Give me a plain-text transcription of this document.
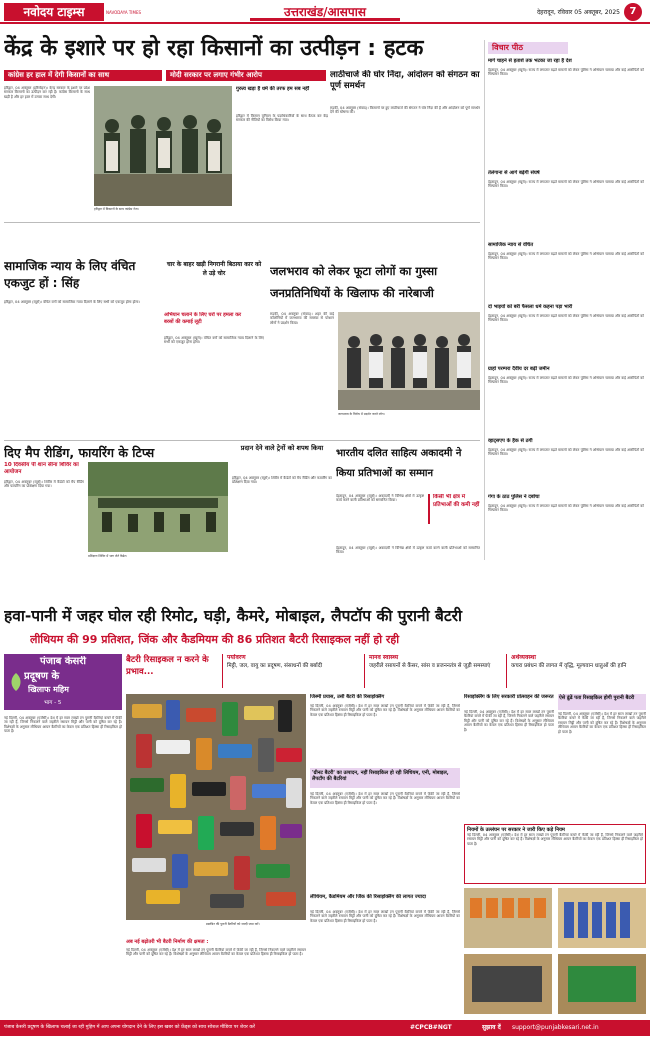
नवोदय टाइम्स	NAVODAYA TIMES	उत्तराखंड/आसपास	देहरादून, रविवार 05 अक्तूबर, 2025 7
केंद्र के इशारे पर हो रहा किसानों का उत्पीड़न : हटक
कांग्रेस हर हाल में देगी किसानों का साथ	मोदी सरकार पर लगाए गंभीर आरोप
हरिद्वार, 04 अक्तूबर (हरिमोहन)। केन्द्र सरकार के इशारे पर प्रदेश सरकार किसानों का उत्पीड़न कर रही है। कांग्रेस किसानों के साथ खड़ी है और हर हाल में उनका साथ देगी।
हरिद्वार में किसानों के साथ कांग्रेस नेता।
गुरुत्व खड़ा है धर्म की तरफ हम सब नहीं
हरिद्वार में किसान यूनियन के पदाधिकारियों के साथ बैठक कर केंद्र सरकार की नीतियों का विरोध किया गया।
लाठीचार्ज की घोर निंदा, आंदोलन को संगठन का पूर्ण समर्थन
रुड़की, 04 अक्तूबर (संवाद)। किसानों पर हुए लाठीचार्ज की संगठन ने घोर निंदा की है और आंदोलन को पूर्ण समर्थन देने की घोषणा की।
विचार पीठ
मार्ग चाहने से हताशे तक भटका जा रहा है देश
देहरादून, 04 अक्तूबर (ब्यूरो)। राज्य में लगातार बढ़ते मामलों को लेकर पुलिस ने अभियान चलाया और कई आरोपितों को गिरफ्तार किया।
तेलंगाना से आगे बढ़ेगी संघर्ष
देहरादून, 04 अक्तूबर (ब्यूरो)। राज्य में लगातार बढ़ते मामलों को लेकर पुलिस ने अभियान चलाया और कई आरोपितों को गिरफ्तार किया।
सामाजिक न्याय से वंचित
देहरादून, 04 अक्तूबर (ब्यूरो)। राज्य में लगातार बढ़ते मामलों को लेकर पुलिस ने अभियान चलाया और कई आरोपितों को गिरफ्तार किया।
दो भाइयों को बरी फैसला धर्म कहना पड़ा भारी
देहरादून, 04 अक्तूबर (ब्यूरो)। राज्य में लगातार बढ़ते मामलों को लेकर पुलिस ने अभियान चलाया और कई आरोपितों को गिरफ्तार किया।
ग्राहो परम्परा दैवीय दर बढ़ी जमीन
देहरादून, 04 अक्तूबर (ब्यूरो)। राज्य में लगातार बढ़ते मामलों को लेकर पुलिस ने अभियान चलाया और कई आरोपितों को गिरफ्तार किया।
व्हाट्सएप के हैक से ठगी
देहरादून, 04 अक्तूबर (ब्यूरो)। राज्य में लगातार बढ़ते मामलों को लेकर पुलिस ने अभियान चलाया और कई आरोपितों को गिरफ्तार किया।
गंगा के ठाठ पुलिस ने दबोचा
देहरादून, 04 अक्तूबर (ब्यूरो)। राज्य में लगातार बढ़ते मामलों को लेकर पुलिस ने अभियान चलाया और कई आरोपितों को गिरफ्तार किया।
सामाजिक न्याय के लिए वंचित एकजुट हों : सिंह
हरिद्वार, 04 अक्तूबर (ब्यूरो)। वंचित वर्गों को सामाजिक न्याय दिलाने के लिए सभी को एकजुट होना होगा।
चार के बाहर खड़ी निगरानी बिठाया कार को ले उड़े चोर
अभियान चलाने के लिए घरों पर हमला कर बरसों की कमाई लूटी
हरिद्वार, 04 अक्तूबर (ब्यूरो)। वंचित वर्गों को सामाजिक न्याय दिलाने के लिए सभी को एकजुट होना होगा।
जलभराव को लेकर फूटा लोगों का गुस्सा जनप्रतिनिधियों के खिलाफ की नारेबाजी
रुड़की, 04 अक्तूबर (संवाद)। शहर की कई कॉलोनियों में जलभराव की समस्या से परेशान लोगों ने प्रदर्शन किया।
जलभराव के विरोध में प्रदर्शन करते लोग।
दिए मैप रीडिंग, फायरिंग के टिप्स
10 दिवसीय पी शान सीना शिविर का आयोजन
हरिद्वार, 04 अक्तूबर (ब्यूरो)। शिविर में कैडेटों को मैप रीडिंग और फायरिंग का प्रशिक्षण दिया गया।
प्रशिक्षण शिविर में भाग लेते कैडेट।
प्रदान देने वाले ट्रेनों को शपथ किया
हरिद्वार, 04 अक्तूबर (ब्यूरो)। शिविर में कैडेटों को मैप रीडिंग और फायरिंग का प्रशिक्षण दिया गया।
भारतीय दलित साहित्य अकादमी ने किया प्रतिभाओं का सम्मान
किसी भी क्षेत्र में प्रतिभाओं की कमी नहीं
देहरादून, 04 अक्तूबर (ब्यूरो)। अकादमी ने विभिन्न क्षेत्रों में उत्कृष्ट कार्य करने वाली प्रतिभाओं को सम्मानित किया।
देहरादून, 04 अक्तूबर (ब्यूरो)। अकादमी ने विभिन्न क्षेत्रों में उत्कृष्ट कार्य करने वाली प्रतिभाओं को सम्मानित किया।
हवा-पानी में जहर घोल रही रिमोट, घड़ी, कैमरे, मोबाइल, लैपटॉप की पुरानी बैटरी
लीथियम की 99 प्रतिशत, जिंक और कैडमियम की 86 प्रतिशत बैटरी रिसाइकल नहीं हो रही
पंजाब केसरी
प्रदूषण के
खिलाफ महिम
भाग - 5
नई दिल्ली, 04 अक्तूबर (एजेंसी)। देश में हर साल लाखों टन पुरानी बैटरियां कचरे में फेंकी जा रही हैं, जिनसे निकलने वाले जहरीले रसायन मिट्टी और पानी को दूषित कर रहे हैं। विशेषज्ञों के अनुसार लीथियम आयन बैटरियों का केवल एक प्रतिशत हिस्सा ही रिसाइकिल हो पाता है।
बैटरी रिसाइकल न करने के प्रभाव...
पर्यावरण
मिट्टी, जल, वायु का प्रदूषण, संसाधनों की बर्बादी
मानव स्वास्थ्य
जहरीले रसायनों से कैंसर, सांस व प्रजननतंत्र से जुड़ी समस्याएं
अर्थव्यवस्था
कचरा प्रबंधन की लागत में वृद्धि, मूल्यवान धातुओं की हानि
डस्टबिन की पुरानी बैटरियों को जल्दी जमा करें।
अब नई बढ़ोतरी भी बैटरी निर्माण की क्षमता :
नई दिल्ली, 04 अक्तूबर (एजेंसी)। देश में हर साल लाखों टन पुरानी बैटरियां कचरे में फेंकी जा रही हैं, जिनसे निकलने वाले जहरीले रसायन मिट्टी और पानी को दूषित कर रहे हैं। विशेषज्ञों के अनुसार लीथियम आयन बैटरियों का केवल एक प्रतिशत हिस्सा ही रिसाइकिल हो पाता है।
जिस्मी प्रयास, उसी बैटरी की रिसाइक्लिंग
नई दिल्ली, 04 अक्तूबर (एजेंसी)। देश में हर साल लाखों टन पुरानी बैटरियां कचरे में फेंकी जा रही हैं, जिनसे निकलने वाले जहरीले रसायन मिट्टी और पानी को दूषित कर रहे हैं। विशेषज्ञों के अनुसार लीथियम आयन बैटरियों का केवल एक प्रतिशत हिस्सा ही रिसाइकिल हो पाता है।
'ग्रीनट बैटरी' का उत्पादन, नहीं रिसाइकिल हो रही लिथियम, एनी, मोबाइल, लैपटॉप की बैटरियां
नई दिल्ली, 04 अक्तूबर (एजेंसी)। देश में हर साल लाखों टन पुरानी बैटरियां कचरे में फेंकी जा रही हैं, जिनसे निकलने वाले जहरीले रसायन मिट्टी और पानी को दूषित कर रहे हैं। विशेषज्ञों के अनुसार लीथियम आयन बैटरियों का केवल एक प्रतिशत हिस्सा ही रिसाइकिल हो पाता है।
लीथियम, कैडमियम और जिंक की रिसाइक्लिंग की लागत ज्यादा
नई दिल्ली, 04 अक्तूबर (एजेंसी)। देश में हर साल लाखों टन पुरानी बैटरियां कचरे में फेंकी जा रही हैं, जिनसे निकलने वाले जहरीले रसायन मिट्टी और पानी को दूषित कर रहे हैं। विशेषज्ञों के अनुसार लीथियम आयन बैटरियों का केवल एक प्रतिशत हिस्सा ही रिसाइकिल हो पाता है।
रिसाइक्लिंग के लिए सरकारी प्रोत्साहन की जरूरत
नई दिल्ली, 04 अक्तूबर (एजेंसी)। देश में हर साल लाखों टन पुरानी बैटरियां कचरे में फेंकी जा रही हैं, जिनसे निकलने वाले जहरीले रसायन मिट्टी और पानी को दूषित कर रहे हैं। विशेषज्ञों के अनुसार लीथियम आयन बैटरियों का केवल एक प्रतिशत हिस्सा ही रिसाइकिल हो पाता है।
ऐसे ढूंढें पता रिसाइकिल होगी पुरानी बैटरी
नई दिल्ली, 04 अक्तूबर (एजेंसी)। देश में हर साल लाखों टन पुरानी बैटरियां कचरे में फेंकी जा रही हैं, जिनसे निकलने वाले जहरीले रसायन मिट्टी और पानी को दूषित कर रहे हैं। विशेषज्ञों के अनुसार लीथियम आयन बैटरियों का केवल एक प्रतिशत हिस्सा ही रिसाइकिल हो पाता है।
नियमों के उल्लंघन पर सरकार ने जारी किए कड़े नियम
नई दिल्ली, 04 अक्तूबर (एजेंसी)। देश में हर साल लाखों टन पुरानी बैटरियां कचरे में फेंकी जा रही हैं, जिनसे निकलने वाले जहरीले रसायन मिट्टी और पानी को दूषित कर रहे हैं। विशेषज्ञों के अनुसार लीथियम आयन बैटरियों का केवल एक प्रतिशत हिस्सा ही रिसाइकिल हो पाता है।
पंजाब केसरी प्रदूषण के खिलाफ चलाई जा रही मुहिम में आप अपना योगदान देने के लिए इस खबर को फ्रेंड्स को साथ सोशल मीडिया पर शेयर करें	#CPCB#NGT	सुझाव दें	support@punjabkesari.net.in
